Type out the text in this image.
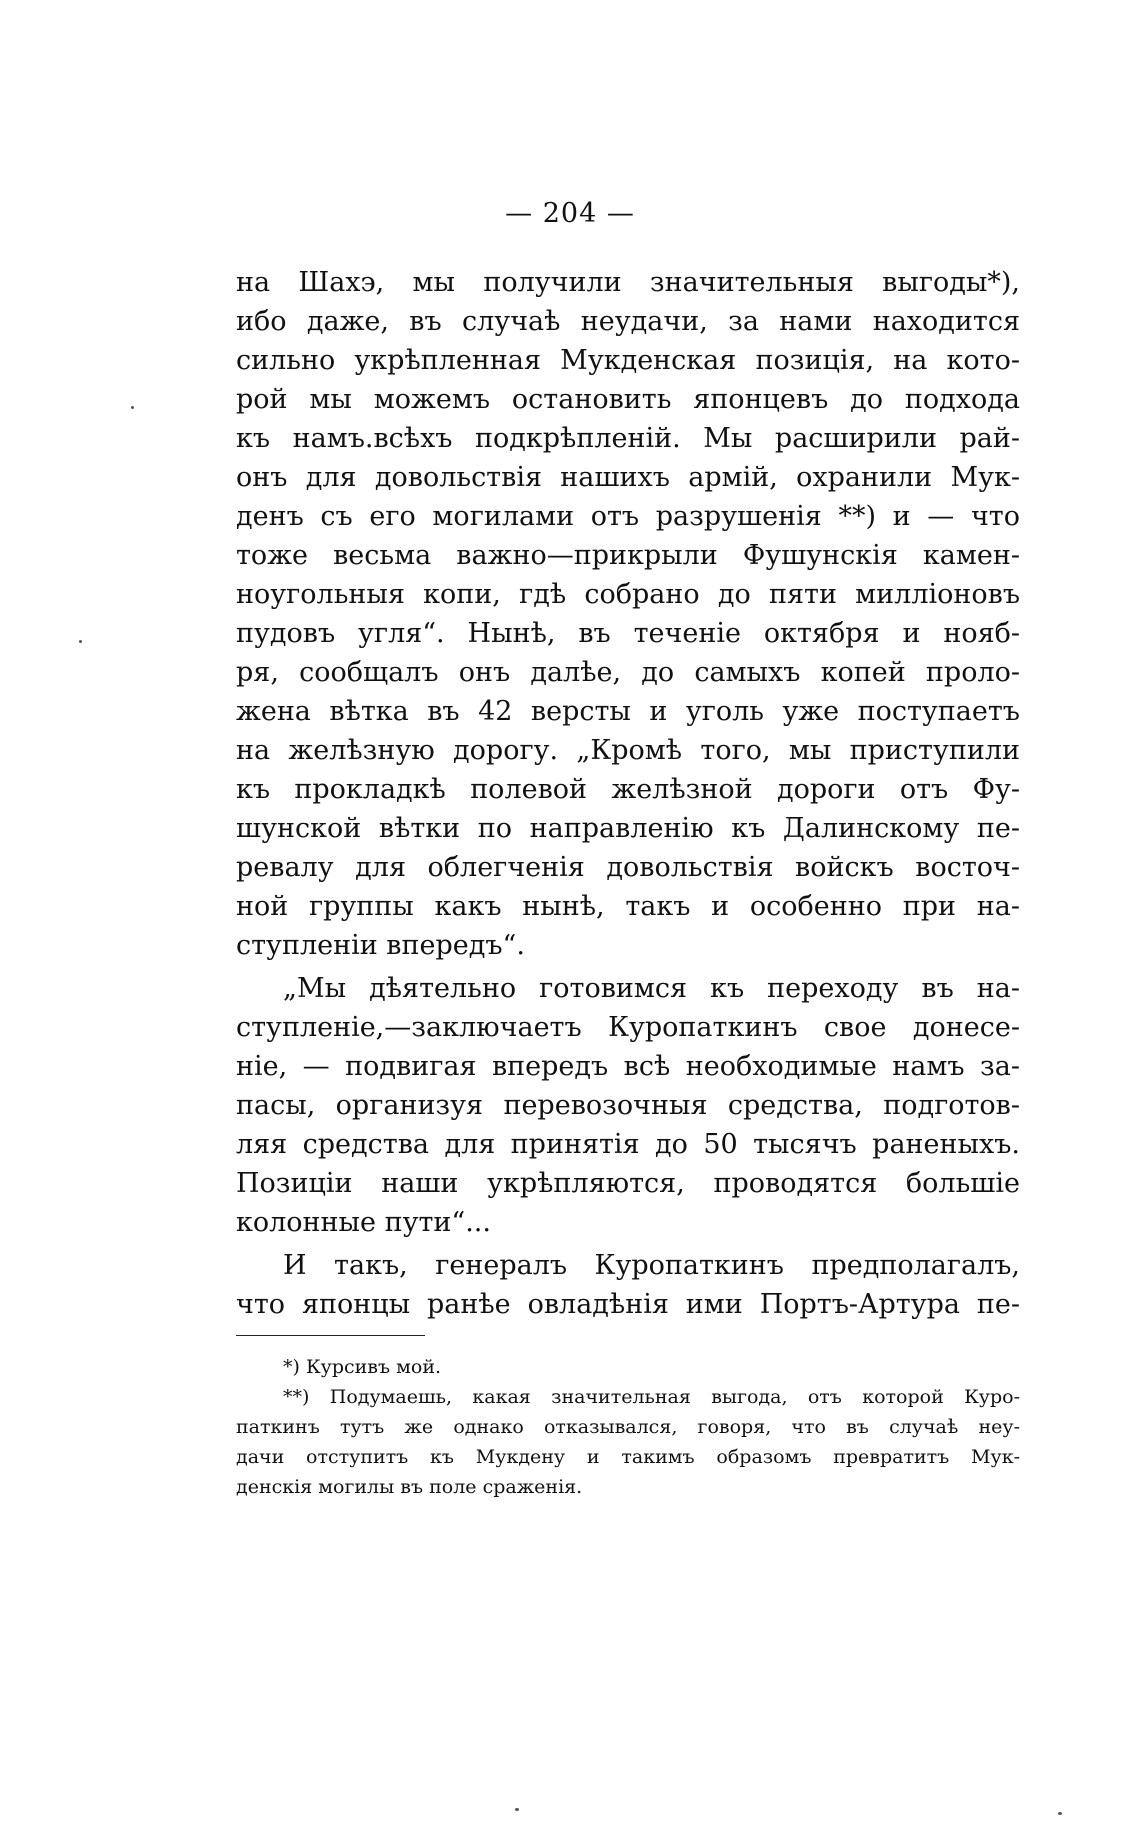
— 204 —
на Шахэ, мы получили значительныя выгоды*),
ибо даже, въ случаѣ неудачи, за нами находится
сильно укрѣпленная Мукденская позиція, на кото-
рой мы можемъ остановить японцевъ до подхода
къ намъ.всѣхъ подкрѣпленій. Мы расширили рай-
онъ для довольствія нашихъ армій, охранили Мук-
денъ съ его могилами отъ разрушенія **) и — что
тоже весьма важно—прикрыли Фушунскія камен-
ноугольныя копи, гдѣ собрано до пяти милліоновъ
пудовъ угля“. Нынѣ, въ теченіе октября и нояб-
ря, сообщалъ онъ далѣе, до самыхъ копей проло-
жена вѣтка въ 42 версты и уголь уже поступаетъ
на желѣзную дорогу. „Кромѣ того, мы приступили
къ прокладкѣ полевой желѣзной дороги отъ Фу-
шунской вѣтки по направленію къ Далинскому пе-
ревалу для облегченія довольствія войскъ восточ-
ной группы какъ нынѣ, такъ и особенно при на-
ступленіи впередъ“.
„Мы дѣятельно готовимся къ переходу въ на-
ступленіе,—заключаетъ Куропаткинъ свое донесе-
ніе, — подвигая впередъ всѣ необходимые намъ за-
пасы, организуя перевозочныя средства, подготов-
ляя средства для принятія до 50 тысячъ раненыхъ.
Позиціи наши укрѣпляются, проводятся большіе
колонные пути“...
И такъ, генералъ Куропаткинъ предполагалъ,
что японцы ранѣе овладѣнія ими Портъ-Артура пе-
*) Курсивъ мой.
**) Подумаешь, какая значительная выгода, отъ которой Куро-
паткинъ тутъ же однако отказывался, говоря, что въ случаѣ неу-
дачи отступитъ къ Мукдену и такимъ образомъ превратитъ Мук-
денскія могилы въ поле сраженія.
